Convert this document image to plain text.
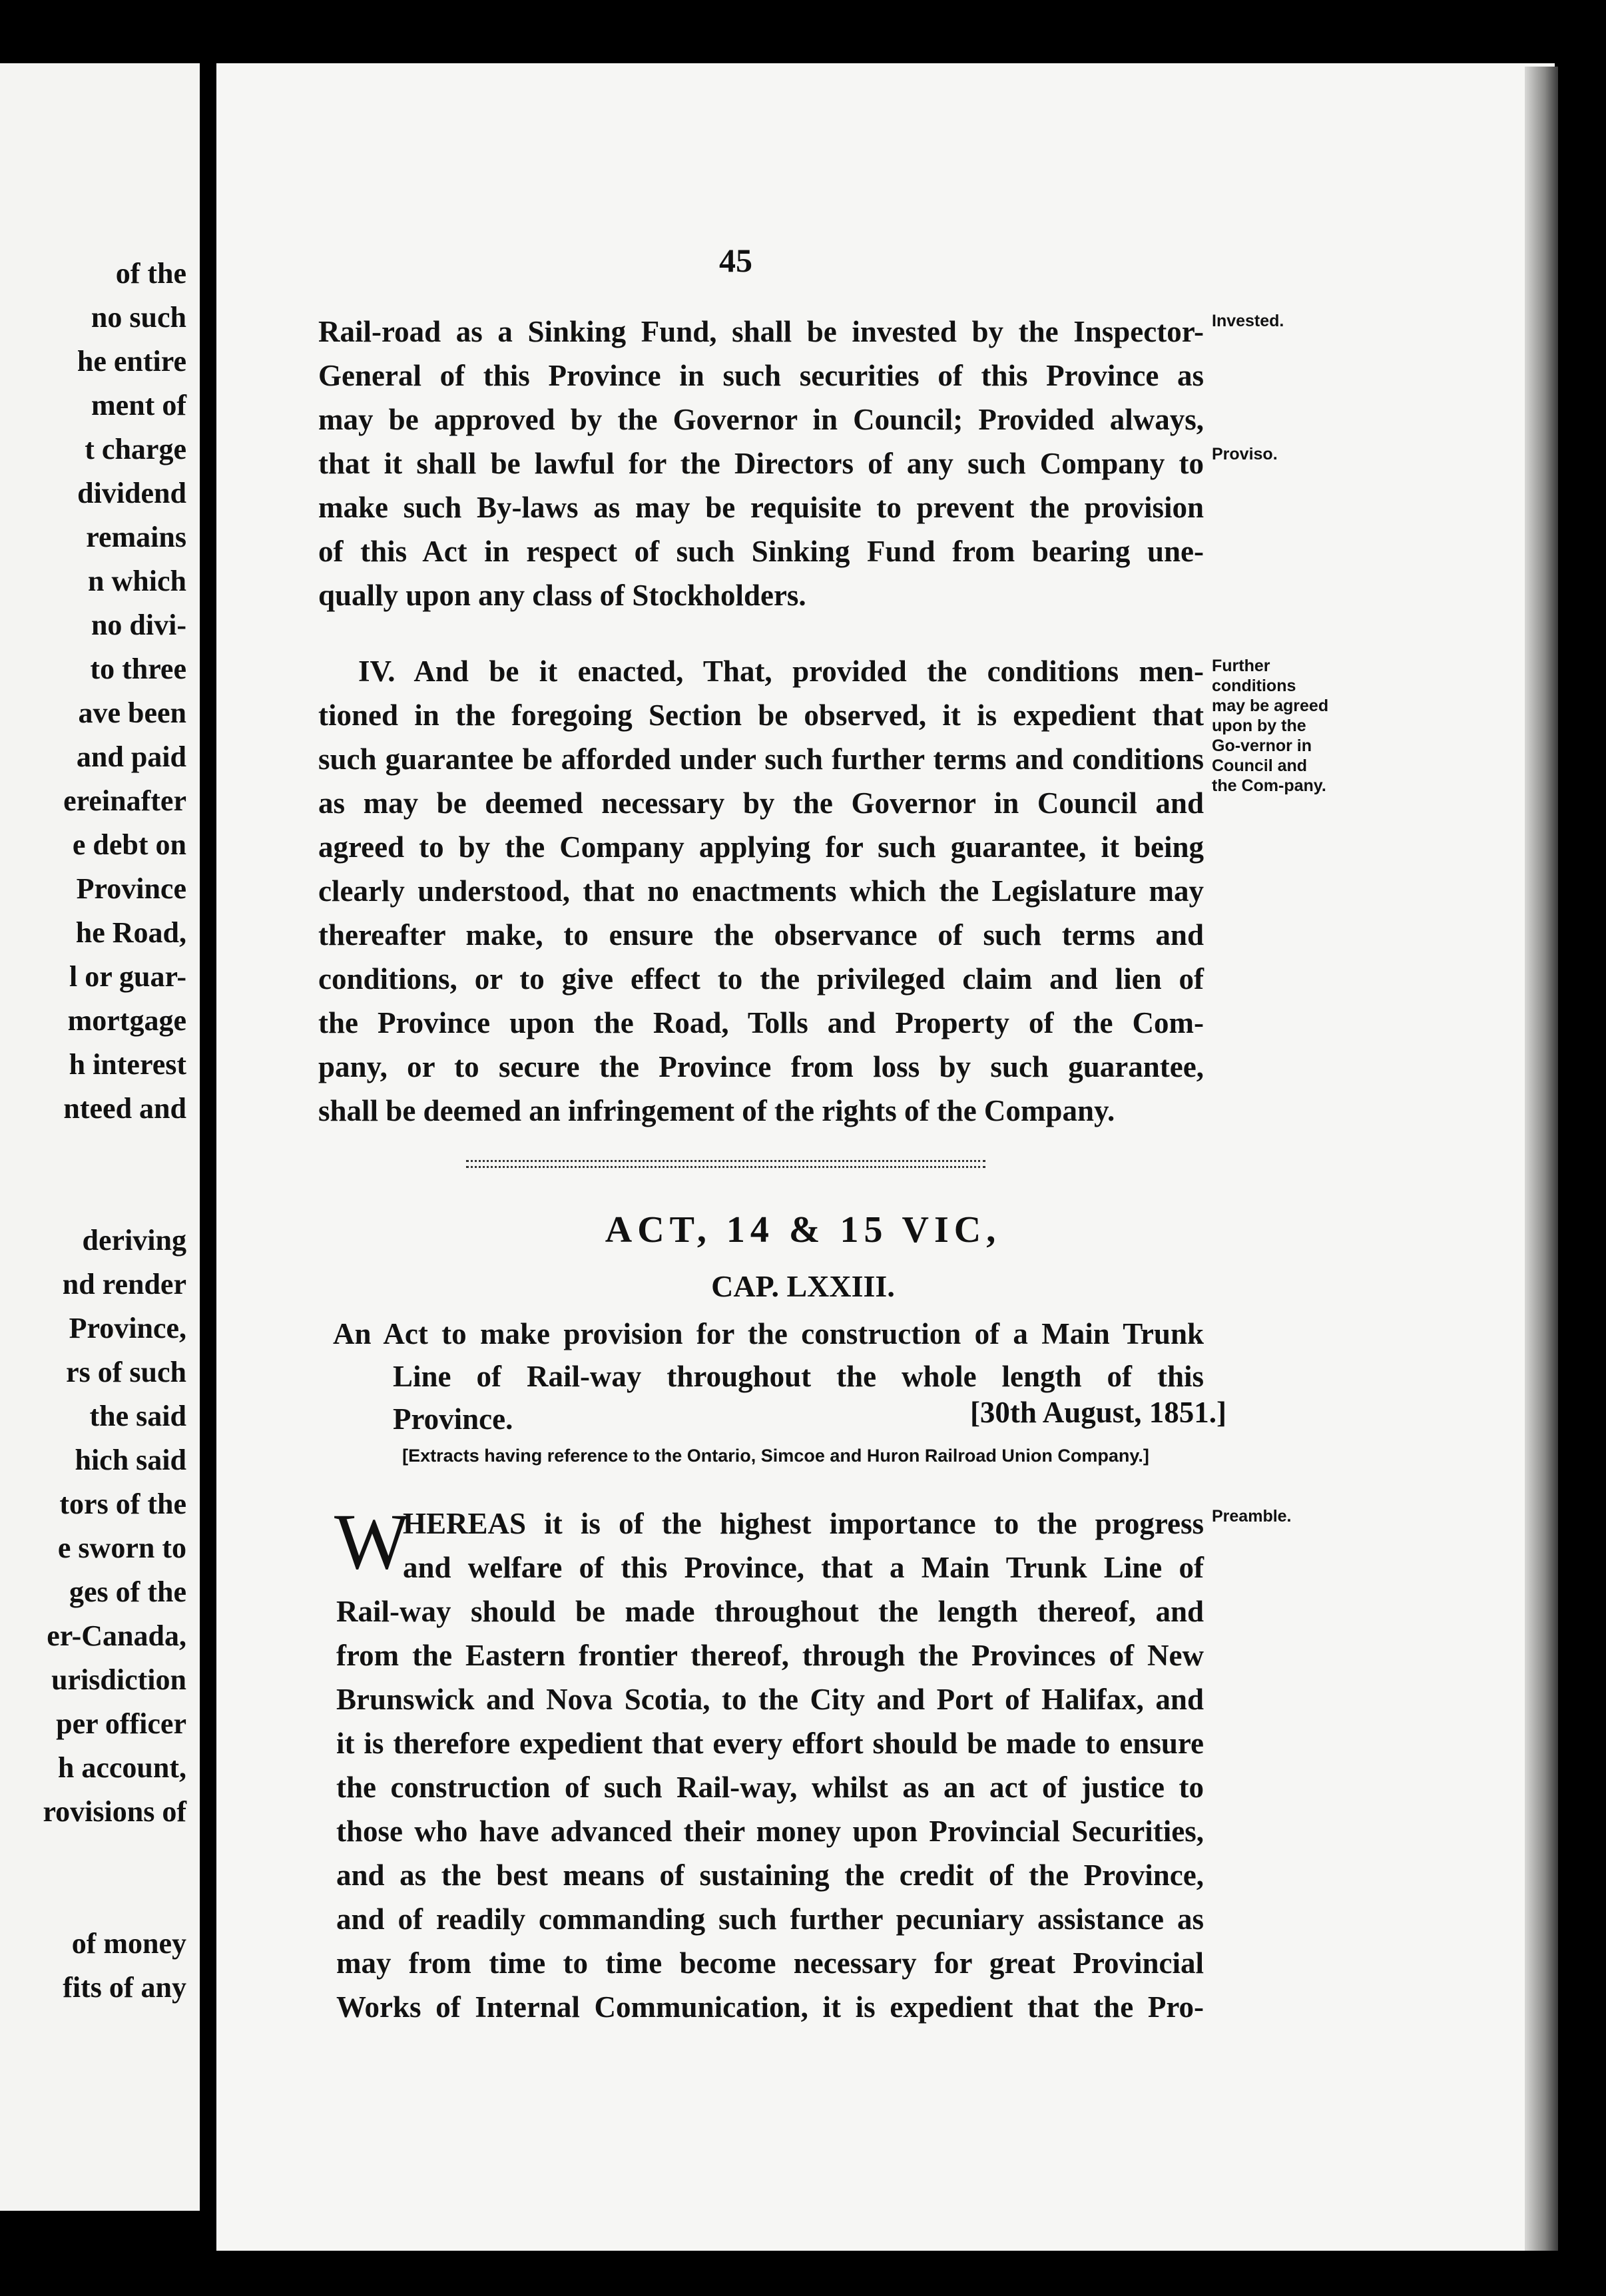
of the
no such
he entire
ment of
t charge
dividend
remains
n which
no divi-
to three
ave been
and paid
ereinafter
e debt on
Province
he Road,
l or guar-
mortgage
h interest
nteed and
deriving
nd render
Province,
rs of such
the said
hich said
tors of the
e sworn to
ges of the
er-Canada,
urisdiction
per officer
h account,
rovisions of
of money
fits of any
45
Rail-road as a Sinking Fund, shall be invested by the Inspector-
General of this Province in such securities of this Province as
may be approved by the Governor in Council; Provided always,
that it shall be lawful for the Directors of any such Company to
make such By-laws as may be requisite to prevent the provision
of this Act in respect of such Sinking Fund from bearing une-
qually upon any class of Stockholders.
IV. And be it enacted, That, provided the conditions men-
tioned in the foregoing Section be observed, it is expedient that
such guarantee be afforded under such further terms and conditions
as may be deemed necessary by the Governor in Council and
agreed to by the Company applying for such guarantee, it being
clearly understood, that no enactments which the Legislature may
thereafter make, to ensure the observance of such terms and
conditions, or to give effect to the privileged claim and lien of
the Province upon the Road, Tolls and Property of the Com-
pany, or to secure the Province from loss by such guarantee,
shall be deemed an infringement of the rights of the Company.
Invested.
Proviso.
Further conditions may be agreed upon by the Go-vernor in Council and the Com-pany.
ACT, 14 & 15 VIC,
CAP. LXXIII.
An Act to make provision for the construction of a Main Trunk
Line of Rail-way throughout the whole length of this
Province.	[30th August, 1851.]
[Extracts having reference to the Ontario, Simcoe and Huron Railroad Union Company.]
W	Preamble.
HEREAS it is of the highest importance to the progress
and welfare of this Province, that a Main Trunk Line of
Rail-way should be made throughout the length thereof, and
from the Eastern frontier thereof, through the Provinces of New
Brunswick and Nova Scotia, to the City and Port of Halifax, and
it is therefore expedient that every effort should be made to ensure
the construction of such Rail-way, whilst as an act of justice to
those who have advanced their money upon Provincial Securities,
and as the best means of sustaining the credit of the Province,
and of readily commanding such further pecuniary assistance as
may from time to time become necessary for great Provincial
Works of Internal Communication, it is expedient that the Pro-
